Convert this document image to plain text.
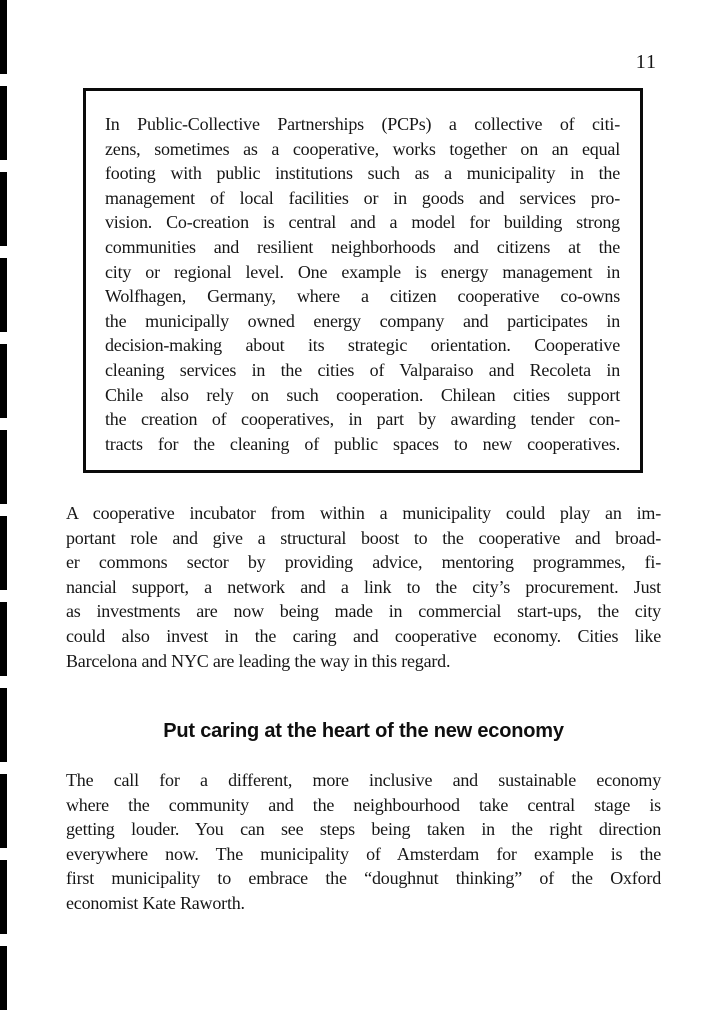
11
In Public-Collective Partnerships (PCPs) a collective of citi-
zens, sometimes as a cooperative, works together on an equal
footing with public institutions such as a municipality in the
management of local facilities or in goods and services pro-
vision. Co-creation is central and a model for building strong
communities and resilient neighborhoods and citizens at the
city or regional level. One example is energy management in
Wolfhagen, Germany, where a citizen cooperative co-owns
the municipally owned energy company and participates in
decision-making about its strategic orientation. Cooperative
cleaning services in the cities of Valparaiso and Recoleta in
Chile also rely on such cooperation. Chilean cities support
the creation of cooperatives, in part by awarding tender con-
tracts for the cleaning of public spaces to new cooperatives.
A cooperative incubator from within a municipality could play an im-
portant role and give a structural boost to the cooperative and broad-
er commons sector by providing advice, mentoring programmes, fi-
nancial support, a network and a link to the city’s procurement. Just
as investments are now being made in commercial start-ups, the city
could also invest in the caring and cooperative economy. Cities like
Barcelona and NYC are leading the way in this regard.
Put caring at the heart of the new economy
The call for a different, more inclusive and sustainable economy
where the community and the neighbourhood take central stage is
getting louder. You can see steps being taken in the right direction
everywhere now. The municipality of Amsterdam for example is the
first municipality to embrace the “doughnut thinking” of the Oxford
economist Kate Raworth.
